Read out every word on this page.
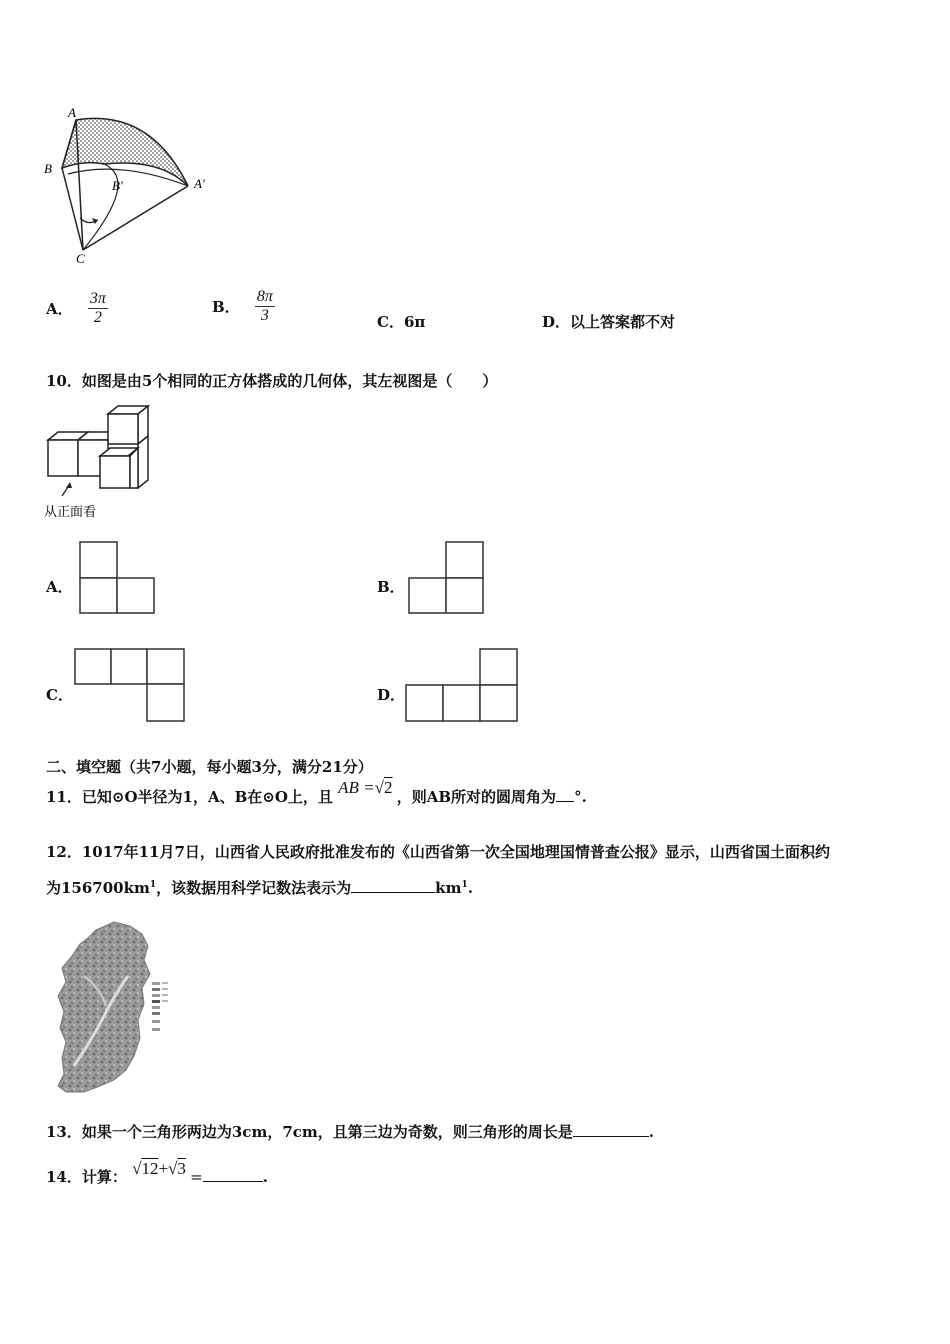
A
B
B′	A′
C
A． $\frac{3\pi}{2}$	B． $\frac{8\pi}{3}$	C．6π	D．以上答案都不对
10．如图是由5个相同的正方体搭成的几何体，其左视图是（　　）
从正面看
A．	B．
C．	D．
二、填空题（共7小题，每小题3分，满分21分）
11．已知⊙O半径为1，A、B在⊙O上，且 AB =√2 ，则AB所对的圆周角为 °.
12．1017年11月7日，山西省人民政府批准发布的《山西省第一次全国地理国情普查公报》显示，山西省国土面积约
为$156700km^1$，该数据用科学记数法表示为	$km^1$.
13．如果一个三角形两边为3cm，7cm，且第三边为奇数，则三角形的周长是	.
14．计算： √12+√3 =	.
